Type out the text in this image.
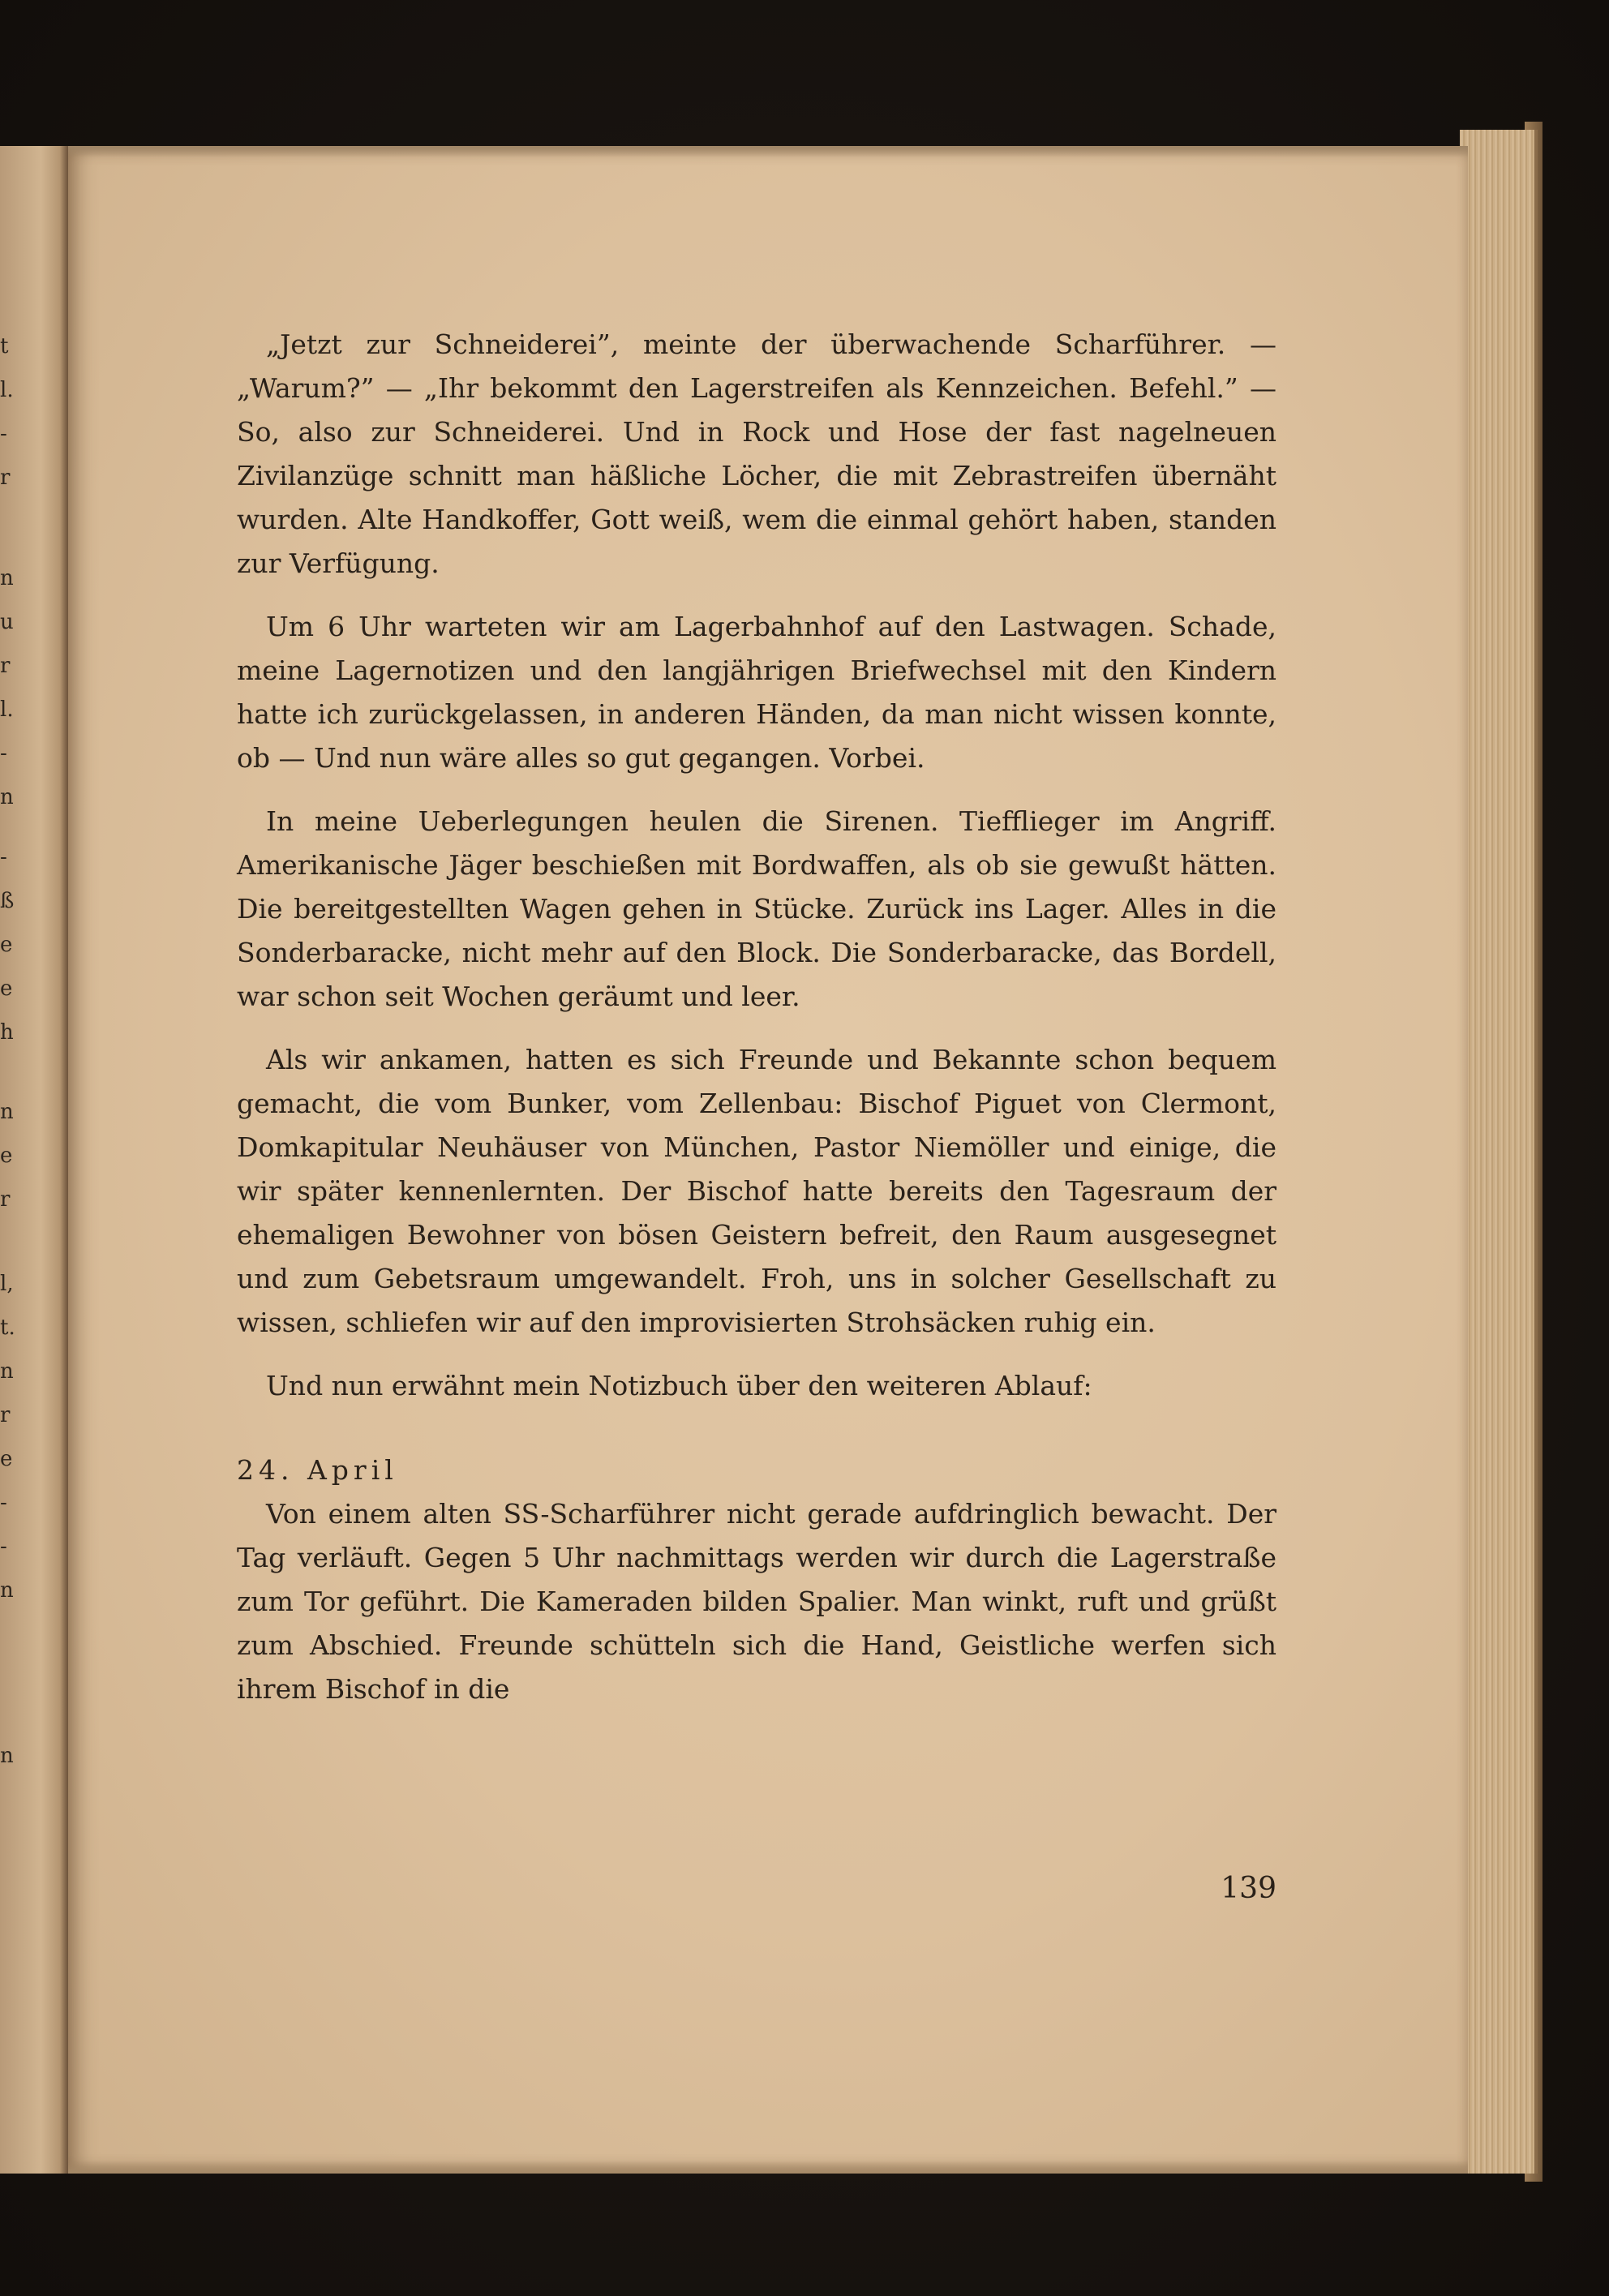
t
l.
-
r
n
u
r
l.
-
n
-
ß
e
e
h
n
e
r
l,
t.
n
r
e
-
-
n
n

„Jetzt zur Schneiderei”, meinte der überwachende Scharführer. — „Warum?” — „Ihr bekommt den Lagerstreifen als Kennzeichen. Befehl.” — So, also zur Schneiderei. Und in Rock und Hose der fast nagelneuen Zivilanzüge schnitt man häßliche Löcher, die mit Zebrastreifen übernäht wurden. Alte Handkoffer, Gott weiß, wem die einmal gehört haben, standen zur Verfügung.

Um 6 Uhr warteten wir am Lagerbahnhof auf den Lastwagen. Schade, meine Lagernotizen und den langjährigen Briefwechsel mit den Kindern hatte ich zurückgelassen, in anderen Händen, da man nicht wissen konnte, ob — Und nun wäre alles so gut gegangen. Vorbei.

In meine Ueberlegungen heulen die Sirenen. Tiefflieger im Angriff. Amerikanische Jäger beschießen mit Bordwaffen, als ob sie gewußt hätten. Die bereitgestellten Wagen gehen in Stücke. Zurück ins Lager. Alles in die Sonderbaracke, nicht mehr auf den Block. Die Sonderbaracke, das Bordell, war schon seit Wochen geräumt und leer.

Als wir ankamen, hatten es sich Freunde und Bekannte schon bequem gemacht, die vom Bunker, vom Zellenbau: Bischof Piguet von Clermont, Domkapitular Neuhäuser von München, Pastor Niemöller und einige, die wir später kennenlernten. Der Bischof hatte bereits den Tagesraum der ehemaligen Bewohner von bösen Geistern befreit, den Raum ausgesegnet und zum Gebetsraum umgewandelt. Froh, uns in solcher Gesellschaft zu wissen, schliefen wir auf den improvisierten Strohsäcken ruhig ein.

Und nun erwähnt mein Notizbuch über den weiteren Ablauf:

24. April

Von einem alten SS-Scharführer nicht gerade aufdringlich bewacht. Der Tag verläuft. Gegen 5 Uhr nachmittags werden wir durch die Lagerstraße zum Tor geführt. Die Kameraden bilden Spalier. Man winkt, ruft und grüßt zum Abschied. Freunde schütteln sich die Hand, Geistliche werfen sich ihrem Bischof in die

139
